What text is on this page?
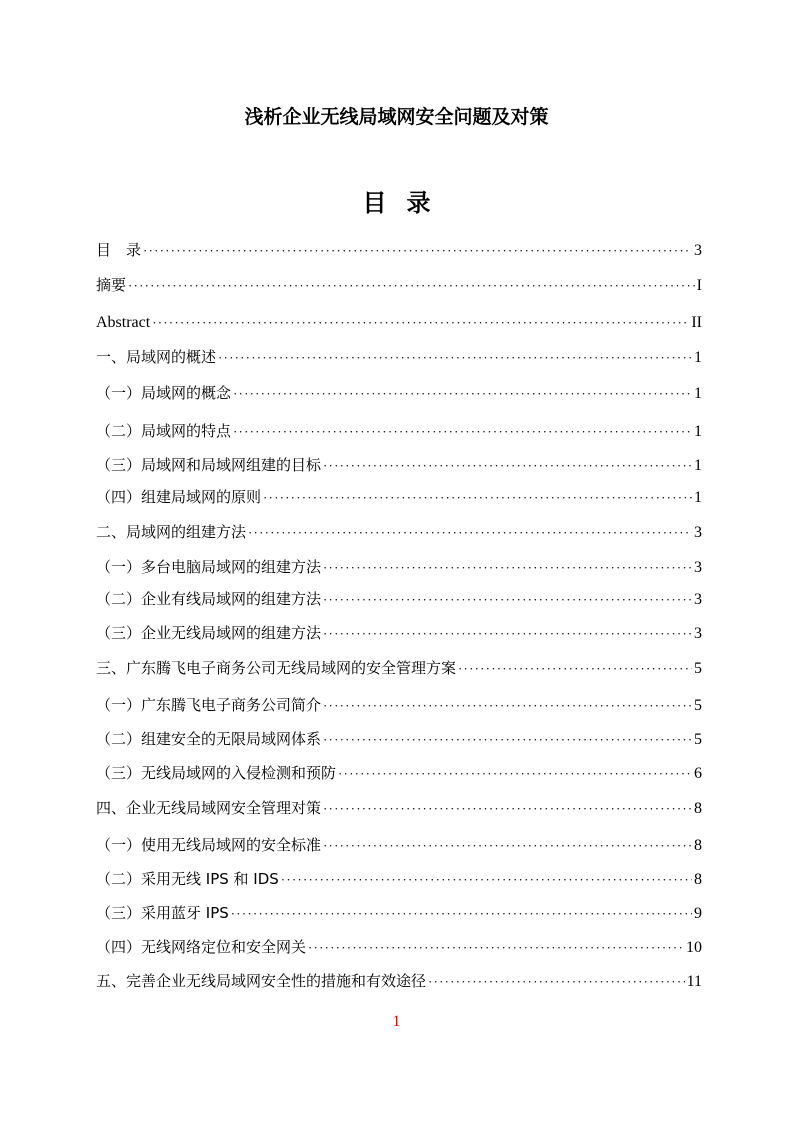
浅析企业无线局域网安全问题及对策
目录
目　录 ·····	3
摘要 ·····	I
Abstract ·····	II
一、局域网的概述 ·····	1
（一）局域网的概念 ·····	1
（二）局域网的特点 ·····	1
（三）局域网和局域网组建的目标 ·····	1
（四）组建局域网的原则 ·····	1
二、局域网的组建方法 ·····	3
（一）多台电脑局域网的组建方法 ·····	3
（二）企业有线局域网的组建方法 ·····	3
（三）企业无线局域网的组建方法 ·····	3
三、广东腾飞电子商务公司无线局域网的安全管理方案 ·····	5
（一）广东腾飞电子商务公司简介 ·····	5
（二）组建安全的无限局域网体系 ·····	5
（三）无线局域网的入侵检测和预防 ·····	6
四、企业无线局域网安全管理对策 ·····	8
（一）使用无线局域网的安全标准 ·····	8
（二）采用无线 IPS 和 IDS ·····	8
（三）采用蓝牙 IPS ·····	9
（四）无线网络定位和安全网关 ·····	10
五、完善企业无线局域网安全性的措施和有效途径 ·····	11
1
